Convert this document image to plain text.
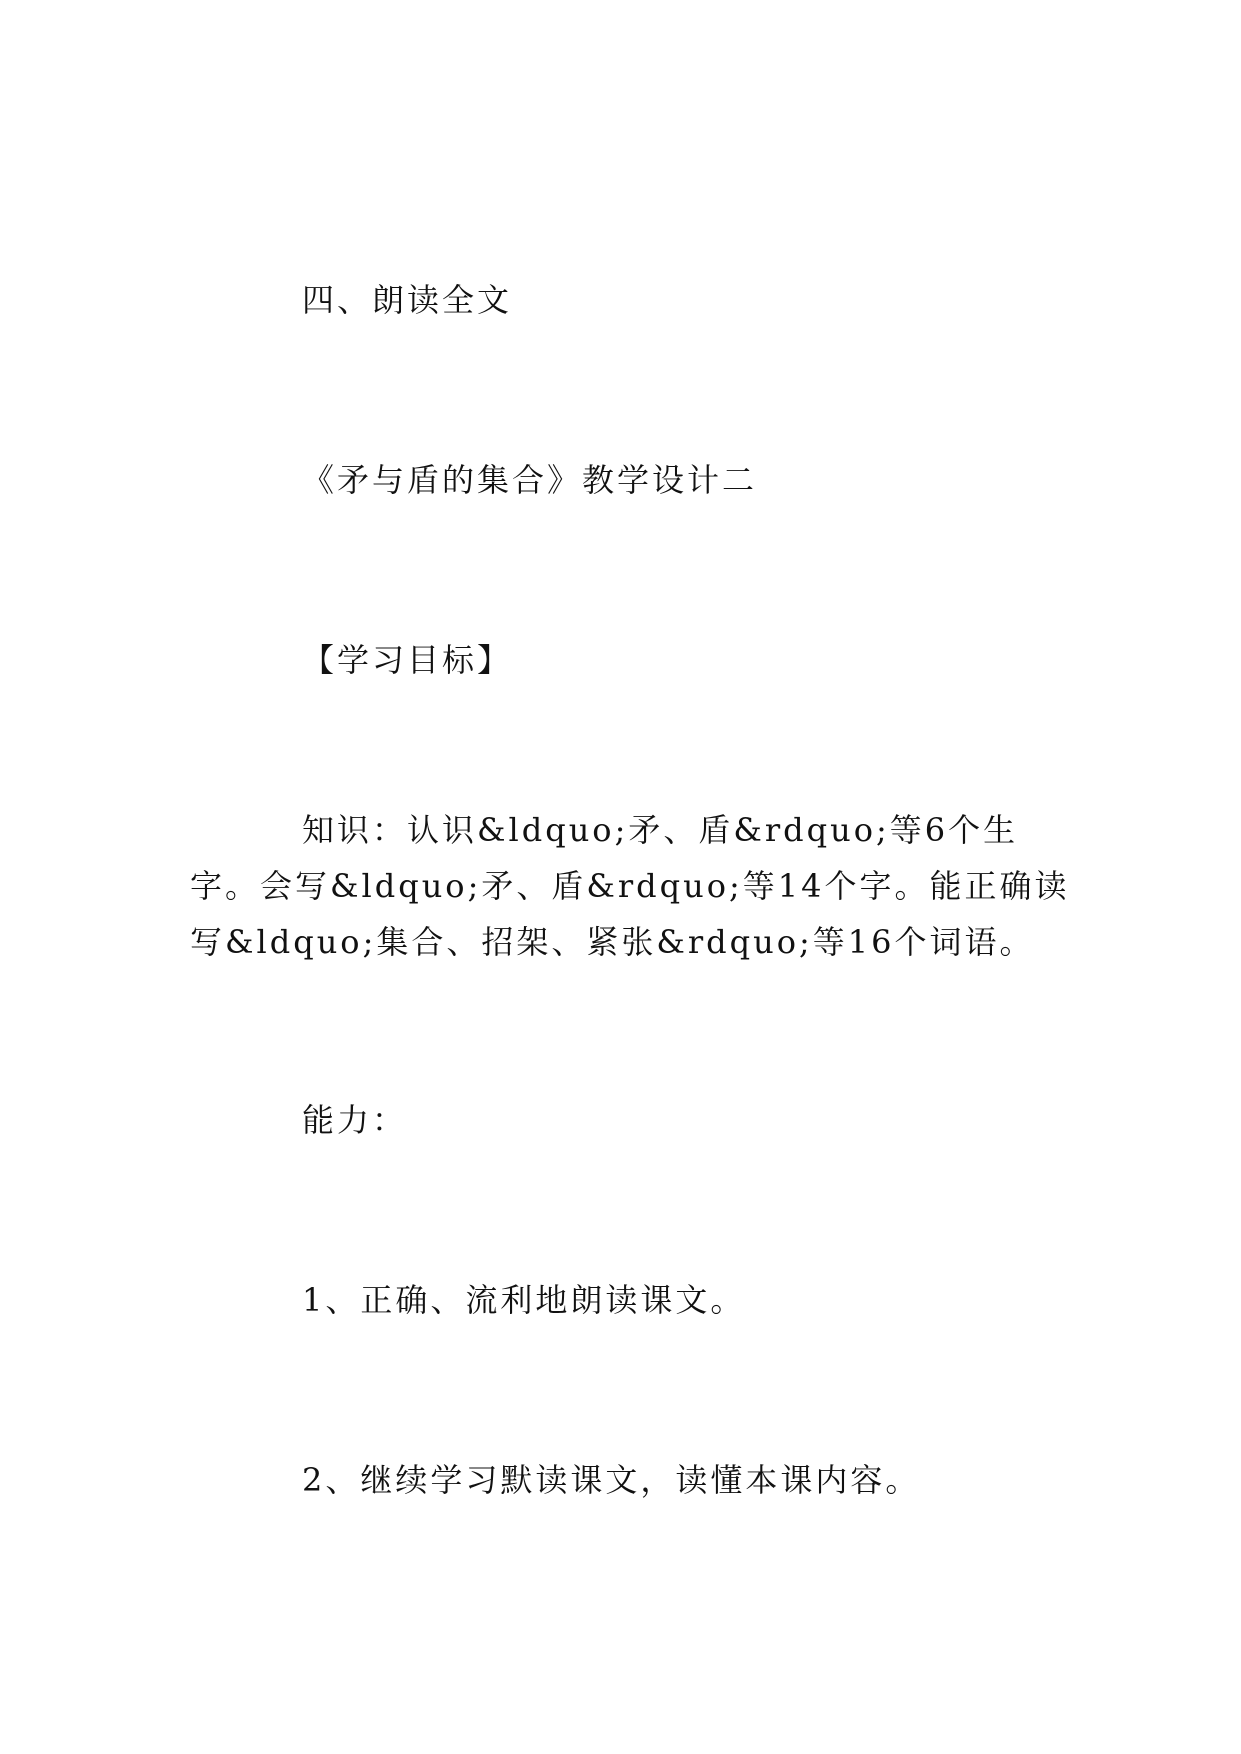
四、朗读全文
《矛与盾的集合》教学设计二
【学习目标】
知识：认识&ldquo;矛、盾&rdquo;等6个生字。会写&ldquo;矛、盾&rdquo;等14个字。能正确读写&ldquo;集合、招架、紧张&rdquo;等16个词语。
能力：
1、正确、流利地朗读课文。
2、继续学习默读课文，读懂本课内容。
